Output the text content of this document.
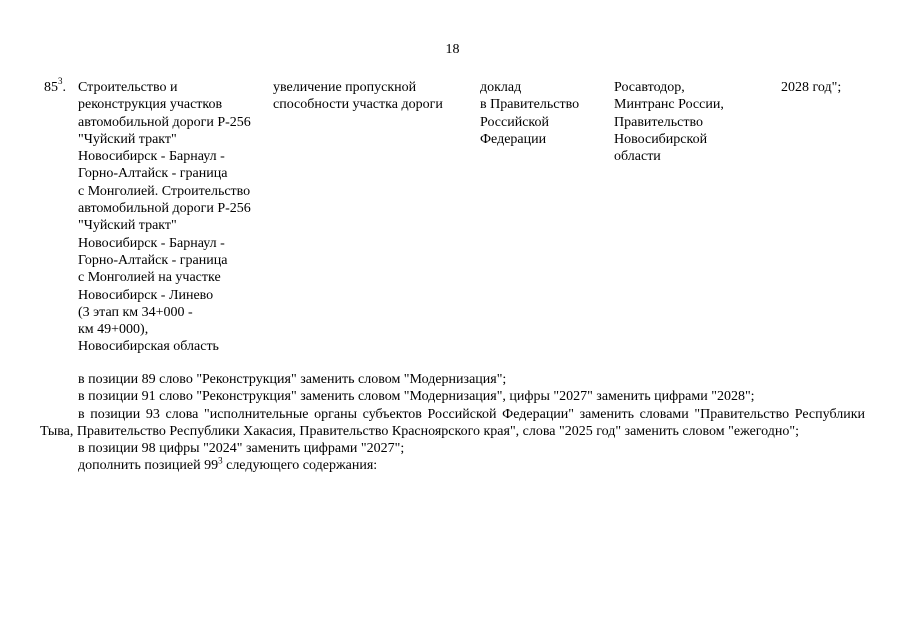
18
$85^3$. Строительство и
реконструкция участков
автомобильной дороги Р-256
"Чуйский тракт"
Новосибирск - Барнаул -
Горно-Алтайск - граница
с Монголией. Строительство
автомобильной дороги Р-256
"Чуйский тракт"
Новосибирск - Барнаул -
Горно-Алтайск - граница
с Монголией на участке
Новосибирск - Линево
(3 этап км 34+000 -
км 49+000),
Новосибирская область
увеличение пропускной
способности участка дороги
доклад
в Правительство
Российской
Федерации
Росавтодор,
Минтранс России,
Правительство
Новосибирской
области
2028 год";

в позиции 89 слово "Реконструкция" заменить словом "Модернизация";

в позиции 91 слово "Реконструкция" заменить словом "Модернизация", цифры "2027" заменить цифрами "2028";

в позиции 93 слова "исполнительные органы субъектов Российской Федерации" заменить словами "Правительство Республики Тыва, Правительство Республики Хакасия, Правительство Красноярского края", слова "2025 год" заменить словом "ежегодно";

в позиции 98 цифры "2024" заменить цифрами "2027";

дополнить позицией $99^3$ следующего содержания:
